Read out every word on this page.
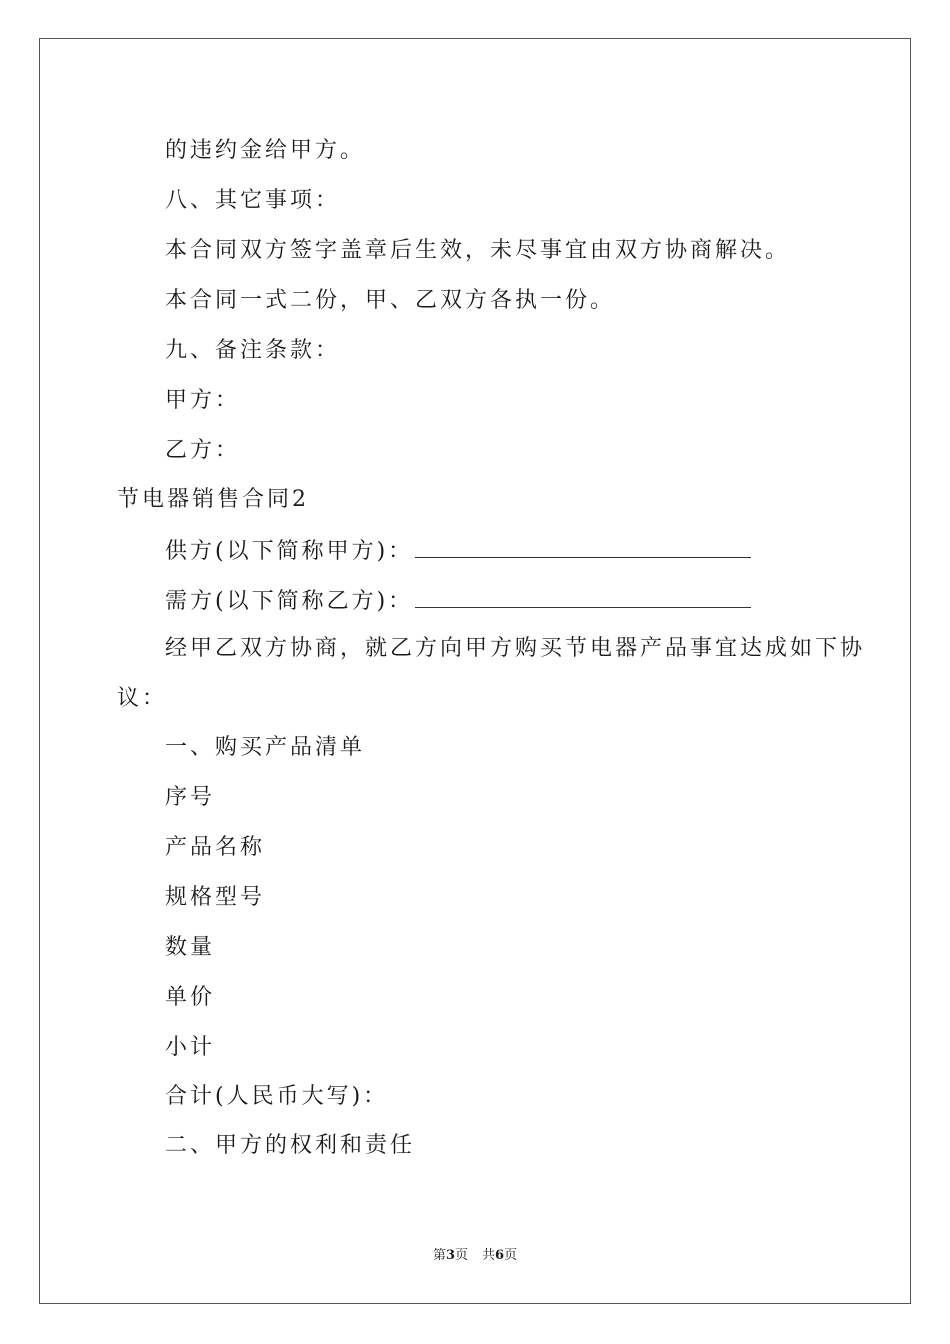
的违约金给甲方。
八、其它事项：
本合同双方签字盖章后生效，未尽事宜由双方协商解决。
本合同一式二份，甲、乙双方各执一份。
九、备注条款：
甲方：
乙方：
节电器销售合同2
供方(以下简称甲方)：
需方(以下简称乙方)：
经甲乙双方协商，就乙方向甲方购买节电器产品事宜达成如下协
议：
一、购买产品清单
序号
产品名称
规格型号
数量
单价
小计
合计(人民币大写)：
二、甲方的权利和责任
第3页 共6页
